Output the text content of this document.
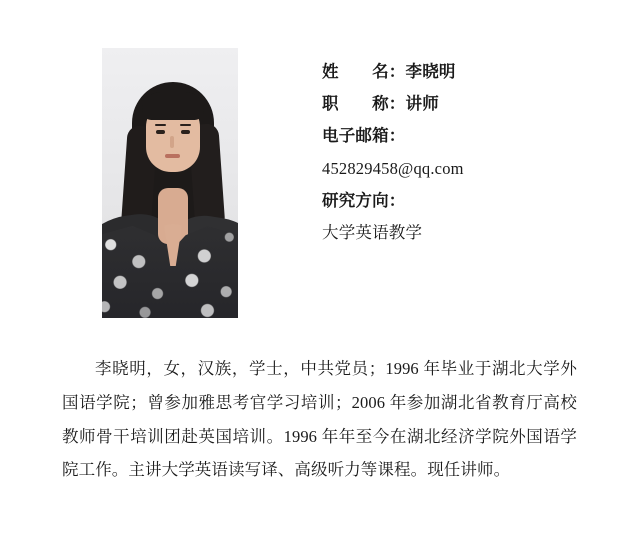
姓　　名：李晓明
职　　称：讲师
电子邮箱：
452829458@qq.com
研究方向：
大学英语教学
李晓明，女，汉族，学士，中共党员；1996 年毕业于湖北大学外国语学院；曾参加雅思考官学习培训；2006 年参加湖北省教育厅高校教师骨干培训团赴英国培训。1996 年年至今在湖北经济学院外国语学院工作。主讲大学英语读写译、高级听力等课程。现任讲师。
